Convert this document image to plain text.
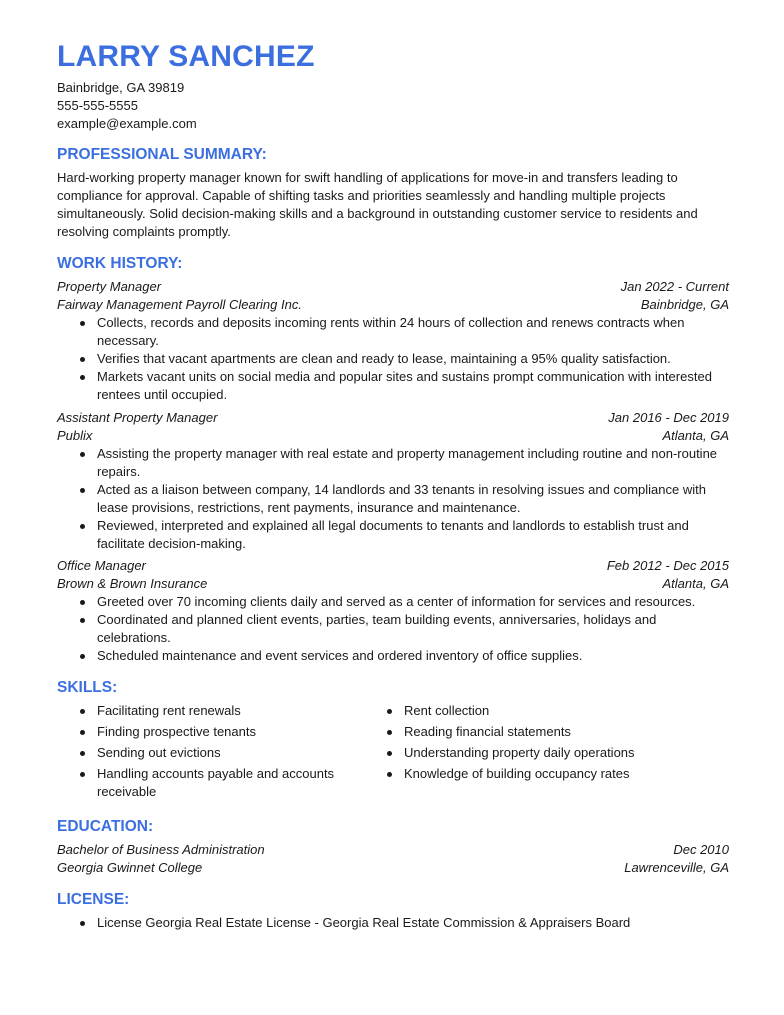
LARRY SANCHEZ
Bainbridge, GA 39819
555-555-5555
example@example.com
PROFESSIONAL SUMMARY:

Hard-working property manager known for swift handling of applications for move-in and transfers leading to compliance for approval. Capable of shifting tasks and priorities seamlessly and handling multiple projects simultaneously. Solid decision-making skills and a background in outstanding customer service to residents and resolving complaints promptly.

WORK HISTORY:
Property Manager	Jan 2022 - Current
Fairway Management Payroll Clearing Inc.	Bainbridge, GA
Collects, records and deposits incoming rents within 24 hours of collection and renews contracts when necessary.
Verifies that vacant apartments are clean and ready to lease, maintaining a 95% quality satisfaction.
Markets vacant units on social media and popular sites and sustains prompt communication with interested rentees until occupied.
Assistant Property Manager	Jan 2016 - Dec 2019
Publix	Atlanta, GA
Assisting the property manager with real estate and property management including routine and non-routine repairs.
Acted as a liaison between company, 14 landlords and 33 tenants in resolving issues and compliance with lease provisions, restrictions, rent payments, insurance and maintenance.
Reviewed, interpreted and explained all legal documents to tenants and landlords to establish trust and facilitate decision-making.
Office Manager	Feb 2012 - Dec 2015
Brown & Brown Insurance	Atlanta, GA
Greeted over 70 incoming clients daily and served as a center of information for services and resources.
Coordinated and planned client events, parties, team building events, anniversaries, holidays and celebrations.
Scheduled maintenance and event services and ordered inventory of office supplies.
SKILLS:
Facilitating rent renewals
Finding prospective tenants
Sending out evictions
Handling accounts payable and accounts receivable
Rent collection
Reading financial statements
Understanding property daily operations
Knowledge of building occupancy rates
EDUCATION:
Bachelor of Business Administration	Dec 2010
Georgia Gwinnet College	Lawrenceville, GA
LICENSE:
License Georgia Real Estate License - Georgia Real Estate Commission & Appraisers Board
